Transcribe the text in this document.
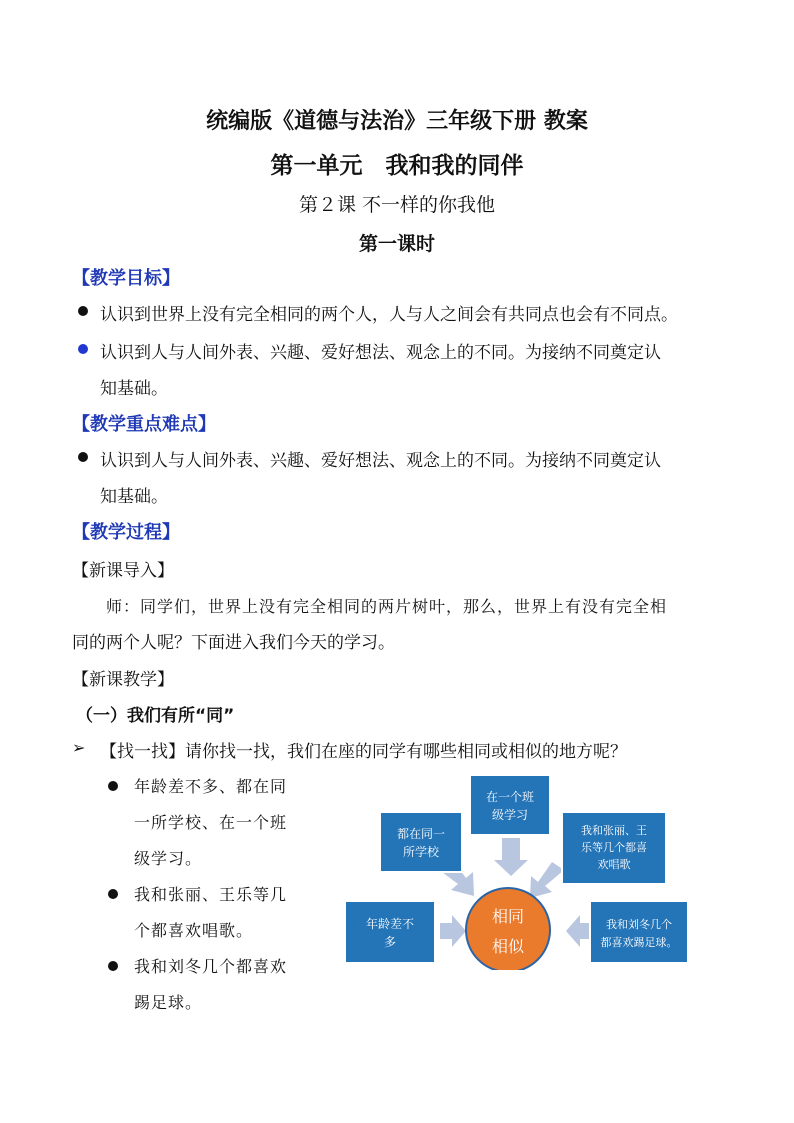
统编版《道德与法治》三年级下册 教案
第一单元　我和我的同伴
第２课 不一样的你我他
第一课时
【教学目标】
认识到世界上没有完全相同的两个人，人与人之间会有共同点也会有不同点。
认识到人与人间外表、兴趣、爱好想法、观念上的不同。为接纳不同奠定认
知基础。
【教学重点难点】
认识到人与人间外表、兴趣、爱好想法、观念上的不同。为接纳不同奠定认
知基础。
【教学过程】
【新课导入】
师：同学们，世界上没有完全相同的两片树叶，那么，世界上有没有完全相
同的两个人呢？下面进入我们今天的学习。
【新课教学】
（一）我们有所“同”
➢ 【找一找】请你找一找，我们在座的同学有哪些相同或相似的地方呢？
年龄差不多、都在同
一所学校、在一个班
级学习。
我和张丽、王乐等几
个都喜欢唱歌。
我和刘冬几个都喜欢
踢足球。
在一个班
级学习
都在同一
所学校
我和张丽、王
乐等几个都喜
欢唱歌
年龄差不
多
我和刘冬几个
都喜欢踢足球。
相同
相似
